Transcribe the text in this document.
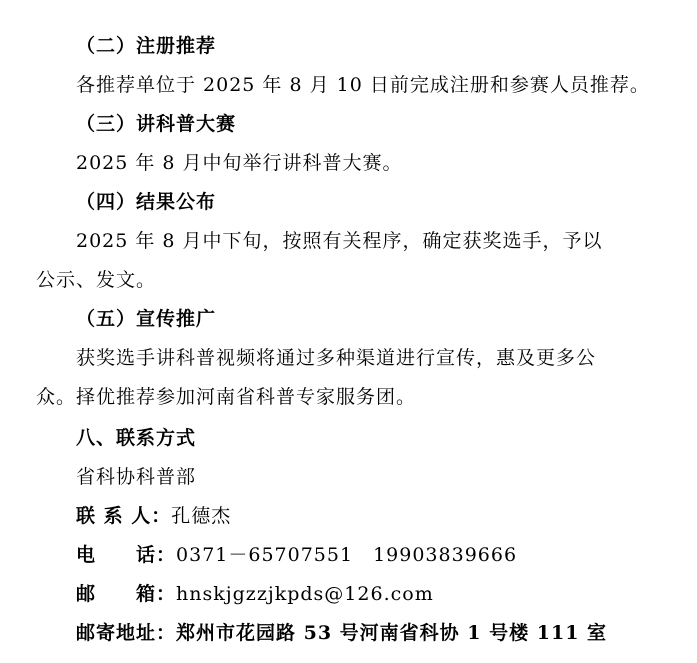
（二）注册推荐
各推荐单位于 2025 年 8 月 10 日前完成注册和参赛人员推荐。
（三）讲科普大赛
2025 年 8 月中旬举行讲科普大赛。
（四）结果公布
2025 年 8 月中下旬，按照有关程序，确定获奖选手，予以
公示、发文。
（五）宣传推广
获奖选手讲科普视频将通过多种渠道进行宣传，惠及更多公
众。择优推荐参加河南省科普专家服务团。
八、联系方式
省科协科普部
联 系 人：孔德杰
电　　话：0371－65707551　19903839666
邮　　箱：hnskjgzzjkpds@126.com
邮寄地址：郑州市花园路 53 号河南省科协 1 号楼 111 室
